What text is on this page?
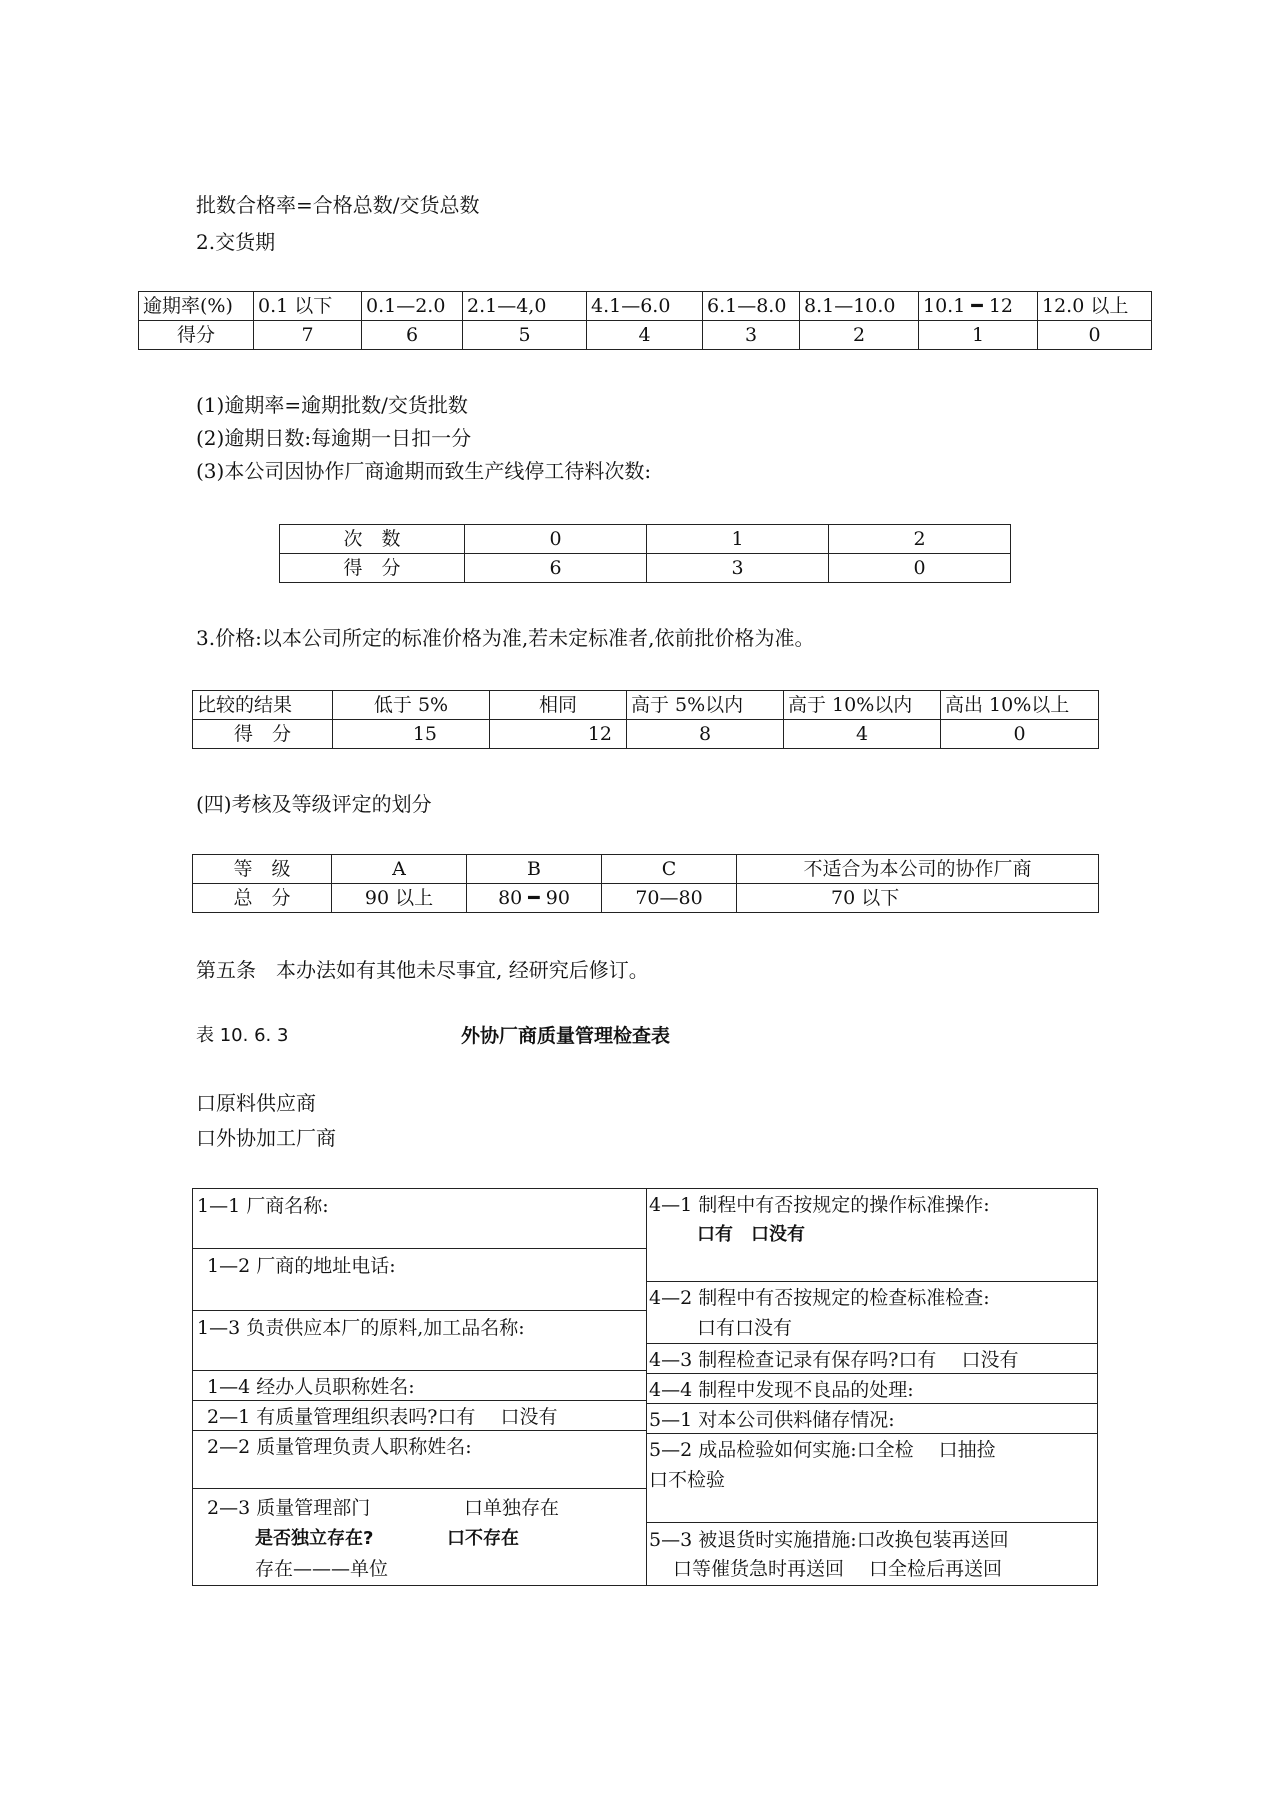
批数合格率=合格总数/交货总数
2.交货期
逾期率(%)	0.1 以下	0.1—2.0	2.1—4,0	4.1—6.0	6.1—8.0	8.1—10.0	10.1 ━ 12	12.0 以上
得分	7	6	5	4	3	2	1	0
(1)逾期率=逾期批数/交货批数
(2)逾期日数:每逾期一日扣一分
(3)本公司因协作厂商逾期而致生产线停工待料次数:
次　数	0	1	2
得　分	6	3	0
3.价格:以本公司所定的标准价格为准,若未定标准者,依前批价格为准。
比较的结果	低于 5%	相同	高于 5%以内	高于 10%以内	高出 10%以上
得　分	15	12	8	4	0
(四)考核及等级评定的划分
等　级	A	B	C	不适合为本公司的协作厂商
总　分	90 以上	80 ━ 90	70—80	70 以下
第五条　本办法如有其他未尽事宜, 经研究后修订。
表 10. 6. 3	外协厂商质量管理检查表
口原料供应商
口外协加工厂商
1—1 厂商名称:
1—2 厂商的地址电话:
1—3 负责供应本厂的原料,加工品名称:
1—4 经办人员职称姓名:
2—1 有质量管理组织表吗?口有　 口没有
2—2 质量管理负责人职称姓名:
2—3 质量管理部门	口单独存在
是否独立存在?	口不存在
存在———单位
4—1 制程中有否按规定的操作标准操作:
口有　口没有
4—2 制程中有否按规定的检查标准检查:
口有口没有
4—3 制程检查记录有保存吗?口有　 口没有
4—4 制程中发现不良品的处理:
5—1 对本公司供料储存情况:
5—2 成品检验如何实施:口全检　 口抽捡
口不检验
5—3 被退货时实施措施:口改换包装再送回
口等催货急时再送回　 口全检后再送回
